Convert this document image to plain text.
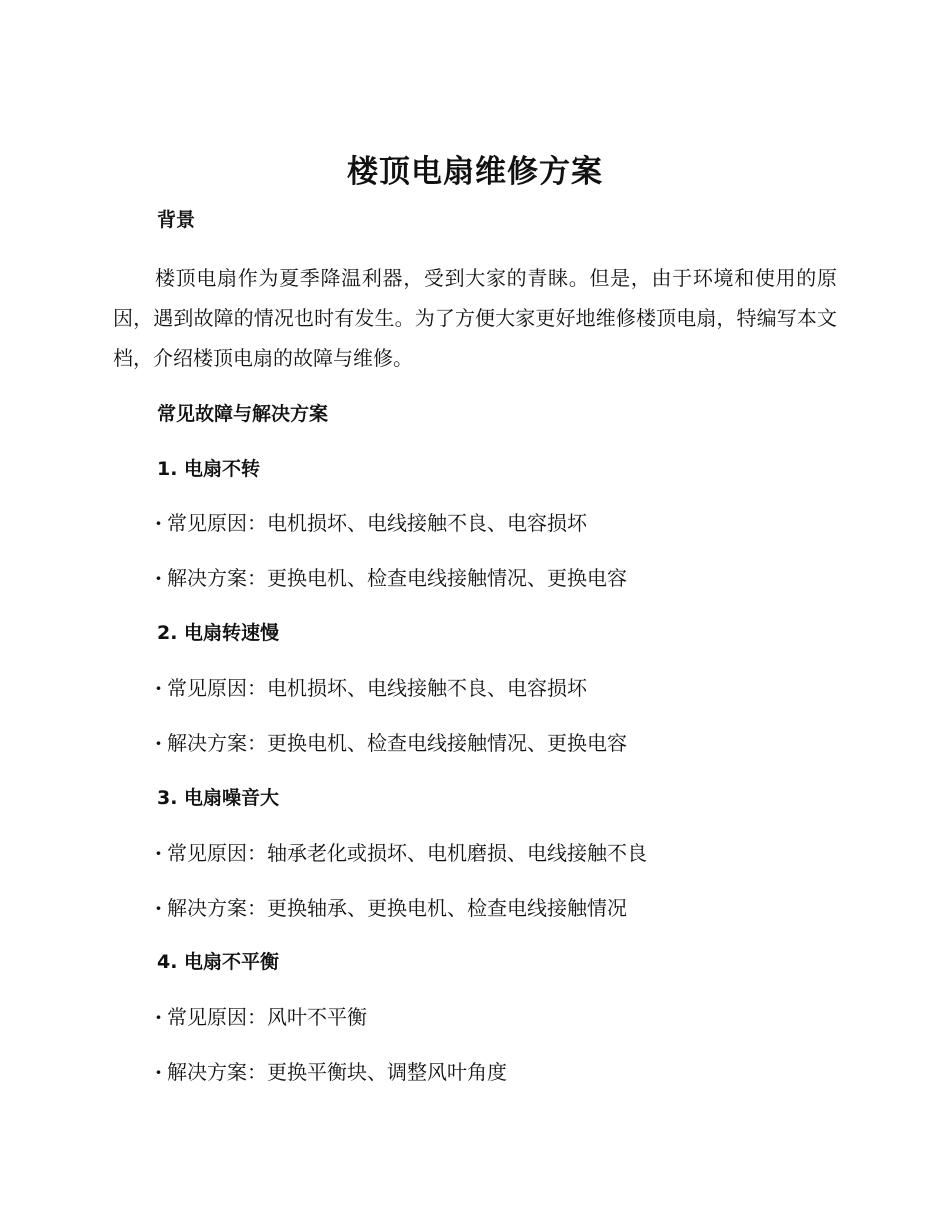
楼顶电扇维修方案
背景
楼顶电扇作为夏季降温利器，受到大家的青睐。但是，由于环境和使用的原因，遇到故障的情况也时有发生。为了方便大家更好地维修楼顶电扇，特编写本文档，介绍楼顶电扇的故障与维修。
常见故障与解决方案
1. 电扇不转
· 常见原因：电机损坏、电线接触不良、电容损坏
· 解决方案：更换电机、检查电线接触情况、更换电容
2. 电扇转速慢
· 常见原因：电机损坏、电线接触不良、电容损坏
· 解决方案：更换电机、检查电线接触情况、更换电容
3. 电扇噪音大
· 常见原因：轴承老化或损坏、电机磨损、电线接触不良
· 解决方案：更换轴承、更换电机、检查电线接触情况
4. 电扇不平衡
· 常见原因：风叶不平衡
· 解决方案：更换平衡块、调整风叶角度
